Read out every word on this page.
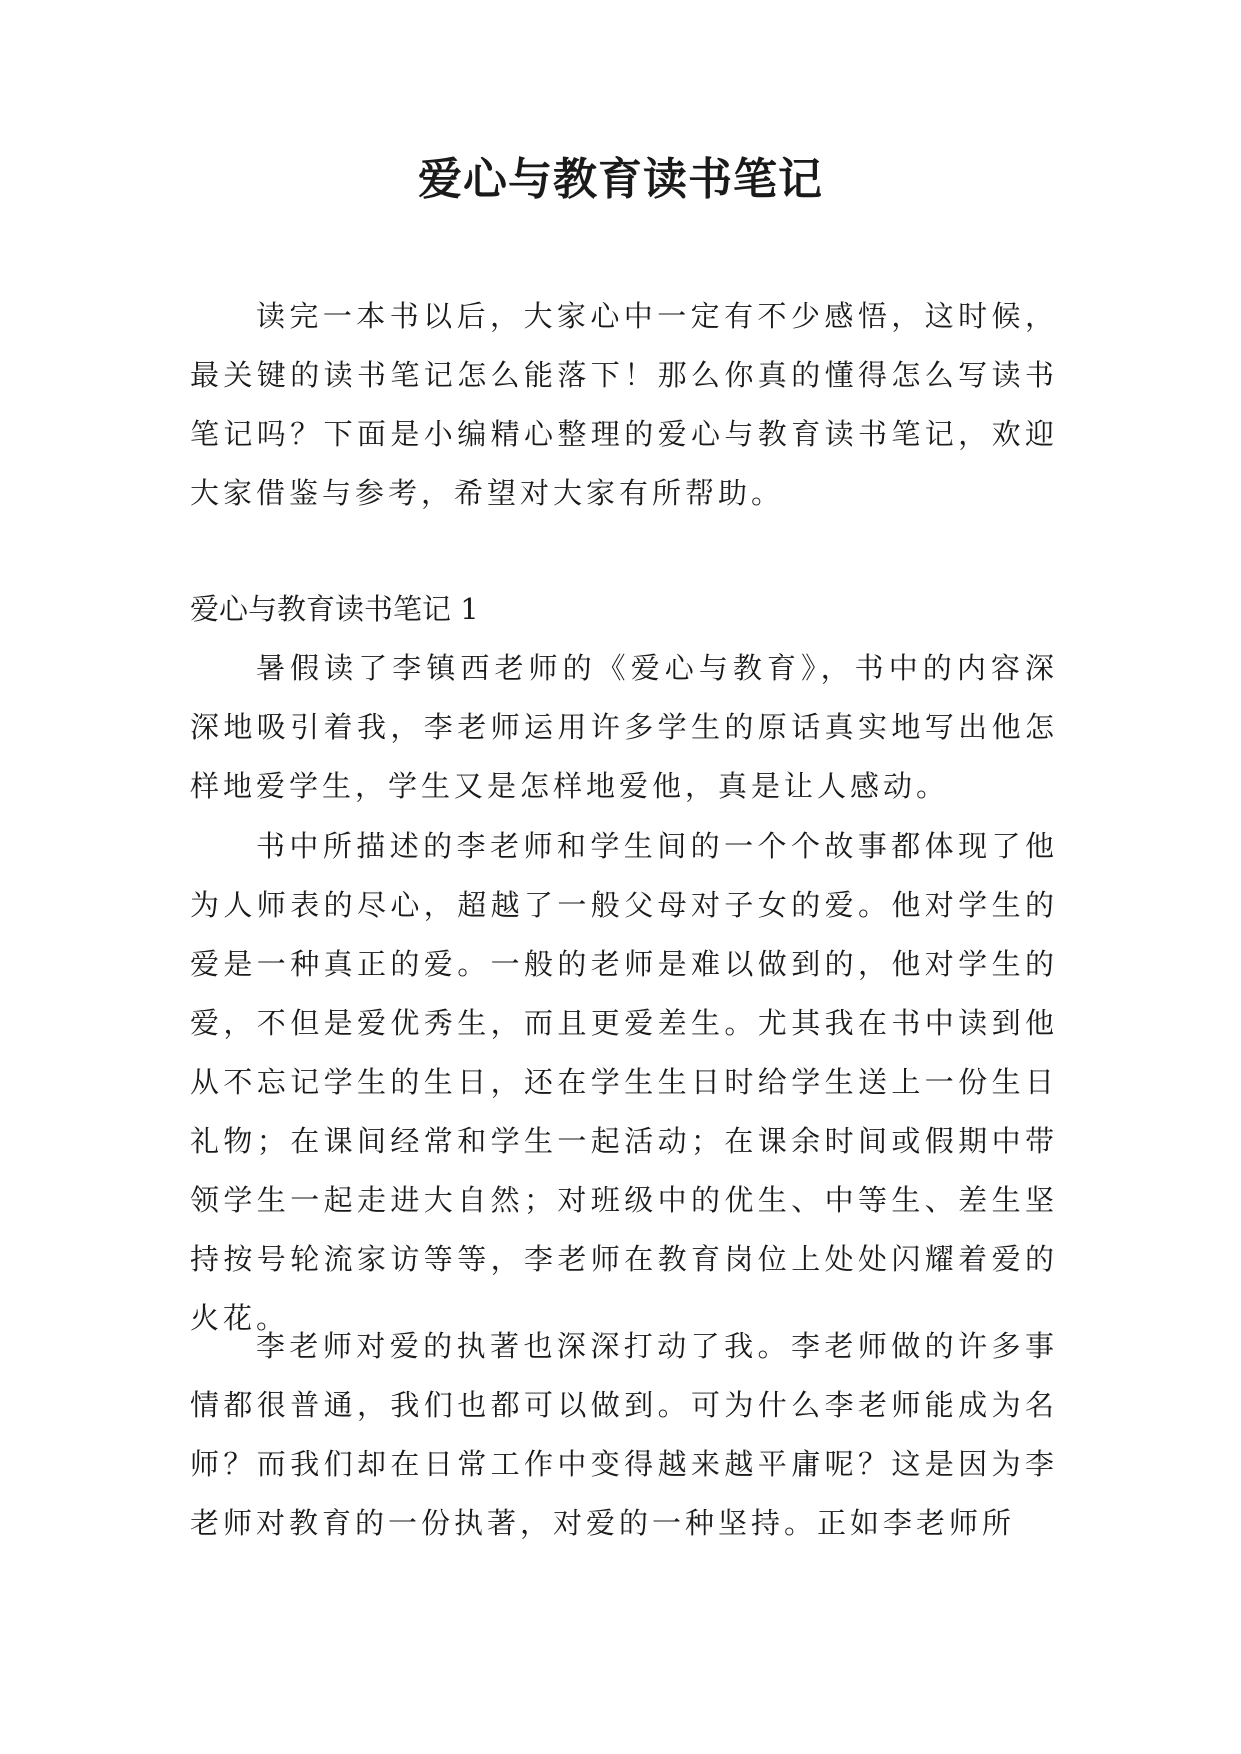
爱心与教育读书笔记

读完一本书以后，大家心中一定有不少感悟，这时候，最关键的读书笔记怎么能落下！那么你真的懂得怎么写读书笔记吗？下面是小编精心整理的爱心与教育读书笔记，欢迎大家借鉴与参考，希望对大家有所帮助。

爱心与教育读书笔记 1

暑假读了李镇西老师的《爱心与教育》，书中的内容深深地吸引着我，李老师运用许多学生的原话真实地写出他怎样地爱学生，学生又是怎样地爱他，真是让人感动。

书中所描述的李老师和学生间的一个个故事都体现了他为人师表的尽心，超越了一般父母对子女的爱。他对学生的爱是一种真正的爱。一般的老师是难以做到的，他对学生的爱，不但是爱优秀生，而且更爱差生。尤其我在书中读到他从不忘记学生的生日，还在学生生日时给学生送上一份生日礼物；在课间经常和学生一起活动；在课余时间或假期中带领学生一起走进大自然；对班级中的优生、中等生、差生坚持按号轮流家访等等，李老师在教育岗位上处处闪耀着爱的火花。

李老师对爱的执著也深深打动了我。李老师做的许多事情都很普通，我们也都可以做到。可为什么李老师能成为名师？而我们却在日常工作中变得越来越平庸呢？这是因为李老师对教育的一份执著，对爱的一种坚持。正如李老师所
